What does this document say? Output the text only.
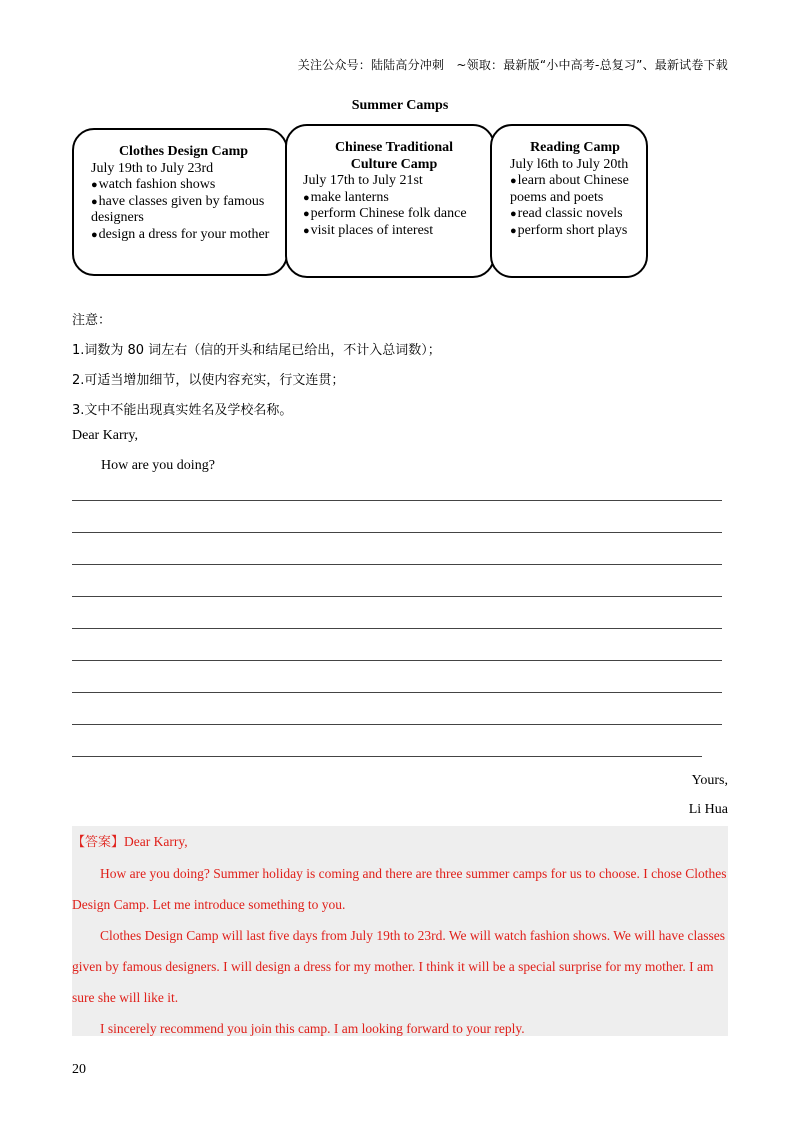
关注公众号：陆陆高分冲刺　~领取：最新版“小中高考-总复习”、最新试卷下载
Summer Camps
Clothes Design Camp
July 19th to July 23rd
● watch fashion shows
● have classes given by famous designers
● design a dress for your mother
Chinese Traditional
Culture Camp
July 17th to July 21st
● make lanterns
● perform Chinese folk dance
● visit places of interest
Reading Camp
July l6th to July 20th
● learn about Chinese poems and poets
● read classic novels
● perform short plays
注意：
1.词数为 80 词左右（信的开头和结尾已给出，不计入总词数）；
2.可适当增加细节，以使内容充实，行文连贯；
3.文中不能出现真实姓名及学校名称。
Dear Karry,
How are you doing?
Yours,
Li Hua

【答案】Dear Karry,

How are you doing? Summer holiday is coming and there are three summer camps for us to choose. I chose Clothes Design Camp. Let me introduce something to you.

Clothes Design Camp will last five days from July 19th to 23rd. We will watch fashion shows. We will have classes given by famous designers. I will design a dress for my mother. I think it will be a special surprise for my mother. I am sure she will like it.

I sincerely recommend you join this camp. I am looking forward to your reply.

20
